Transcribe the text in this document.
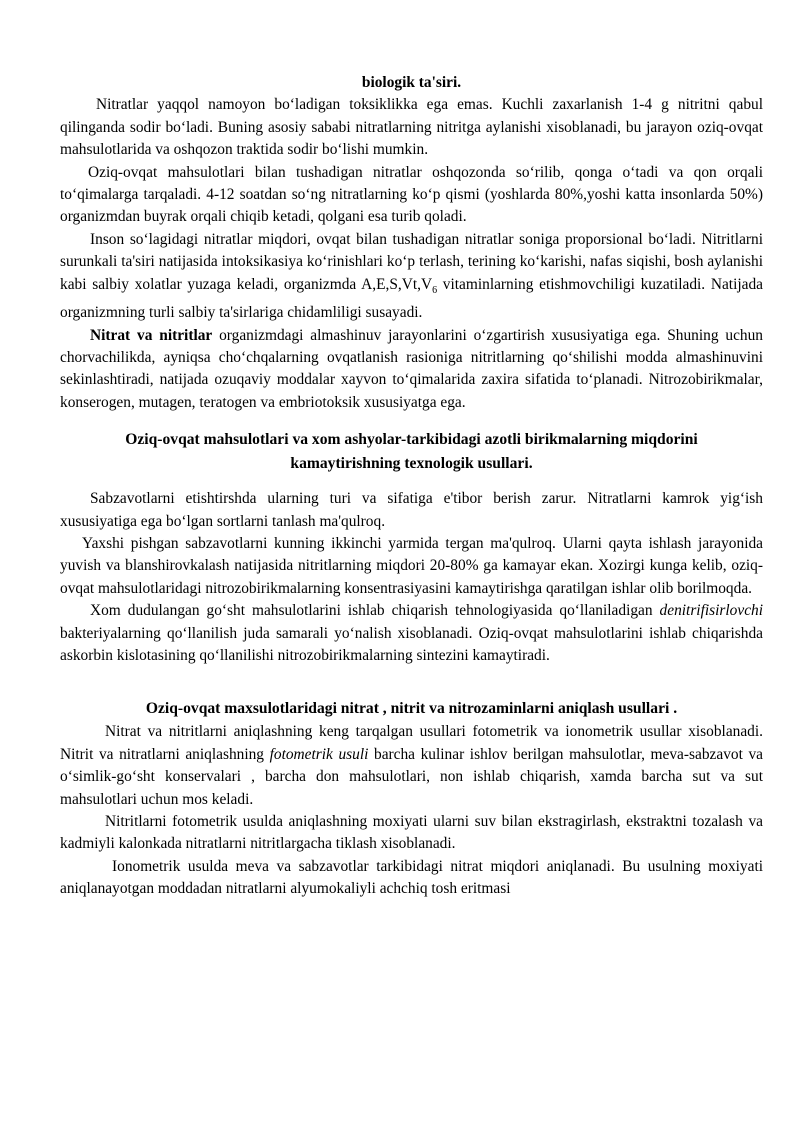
biologik ta'siri.

Nitratlar yaqqol namoyon boʻladigan toksiklikka ega emas. Kuchli zaxarlanish 1-4 g nitritni qabul qilinganda sodir boʻladi. Buning asosiy sababi nitratlarning nitritga aylanishi xisoblanadi, bu jarayon oziq-ovqat mahsulotlarida va oshqozon traktida sodir boʻlishi mumkin.

Oziq-ovqat mahsulotlari bilan tushadigan nitratlar oshqozonda soʻrilib, qonga oʻtadi va qon orqali toʻqimalarga tarqaladi. 4-12 soatdan soʻng nitratlarning koʻp qismi (yoshlarda 80%,yoshi katta insonlarda 50%) organizmdan buyrak orqali chiqib ketadi, qolgani esa turib qoladi.

Inson soʻlagidagi nitratlar miqdori, ovqat bilan tushadigan nitratlar soniga proporsional boʻladi. Nitritlarni surunkali ta'siri natijasida intoksikasiya koʻrinishlari koʻp terlash, terining koʻkarishi, nafas siqishi, bosh aylanishi kabi salbiy xolatlar yuzaga keladi, organizmda $A,E,S,Vt,V_6$ vitaminlarning etishmovchiligi kuzatiladi. Natijada organizmning turli salbiy ta'sirlariga chidamliligi susayadi.

Nitrat va nitritlar organizmdagi almashinuv jarayonlarini oʻzgartirish xususiyatiga ega. Shuning uchun chorvachilikda, ayniqsa choʻchqalarning ovqatlanish rasioniga nitritlarning qoʻshilishi modda almashinuvini sekinlashtiradi, natijada ozuqaviy moddalar xayvon toʻqimalarida zaxira sifatida toʻplanadi. Nitrozobirikmalar, konserogen, mutagen, teratogen va embriotoksik xususiyatga ega.

Oziq-ovqat mahsulotlari va xom ashyolar-tarkibidagi azotli birikmalarning miqdorini kamaytirishning texnologik usullari.

Sabzavotlarni etishtirshda ularning turi va sifatiga e'tibor berish zarur. Nitratlarni kamrok yigʻish xususiyatiga ega boʻlgan sortlarni tanlash ma'qulroq.

Yaxshi pishgan sabzavotlarni kunning ikkinchi yarmida tergan ma'qulroq. Ularni qayta ishlash jarayonida yuvish va blanshirovkalash natijasida nitritlarning miqdori 20-80% ga kamayar ekan. Xozirgi kunga kelib, oziq-ovqat mahsulotlaridagi nitrozobirikmalarning konsentrasiyasini kamaytirishga qaratilgan ishlar olib borilmoqda.

Xom dudulangan goʻsht mahsulotlarini ishlab chiqarish tehnologiyasida qoʻllaniladigan denitrifisirlovchi bakteriyalarning qoʻllanilish juda samarali yoʻnalish xisoblanadi. Oziq-ovqat mahsulotlarini ishlab chiqarishda askorbin kislotasining qoʻllanilishi nitrozobirikmalarning sintezini kamaytiradi.

Oziq-ovqat maxsulotlaridagi nitrat , nitrit va nitrozaminlarni aniqlash usullari .

Nitrat va nitritlarni aniqlashning keng tarqalgan usullari fotometrik va ionometrik usullar xisoblanadi. Nitrit va nitratlarni aniqlashning fotometrik usuli barcha kulinar ishlov berilgan mahsulotlar, meva-sabzavot va oʻsimlik-goʻsht konservalari , barcha don mahsulotlari, non ishlab chiqarish, xamda barcha sut va sut mahsulotlari uchun mos keladi.

Nitritlarni fotometrik usulda aniqlashning moxiyati ularni suv bilan ekstragirlash, ekstraktni tozalash va kadmiyli kalonkada nitratlarni nitritlargacha tiklash xisoblanadi.

Ionometrik usulda meva va sabzavotlar tarkibidagi nitrat miqdori aniqlanadi. Bu usulning moxiyati aniqlanayotgan moddadan nitratlarni alyumokaliyli achchiq tosh eritmasi
